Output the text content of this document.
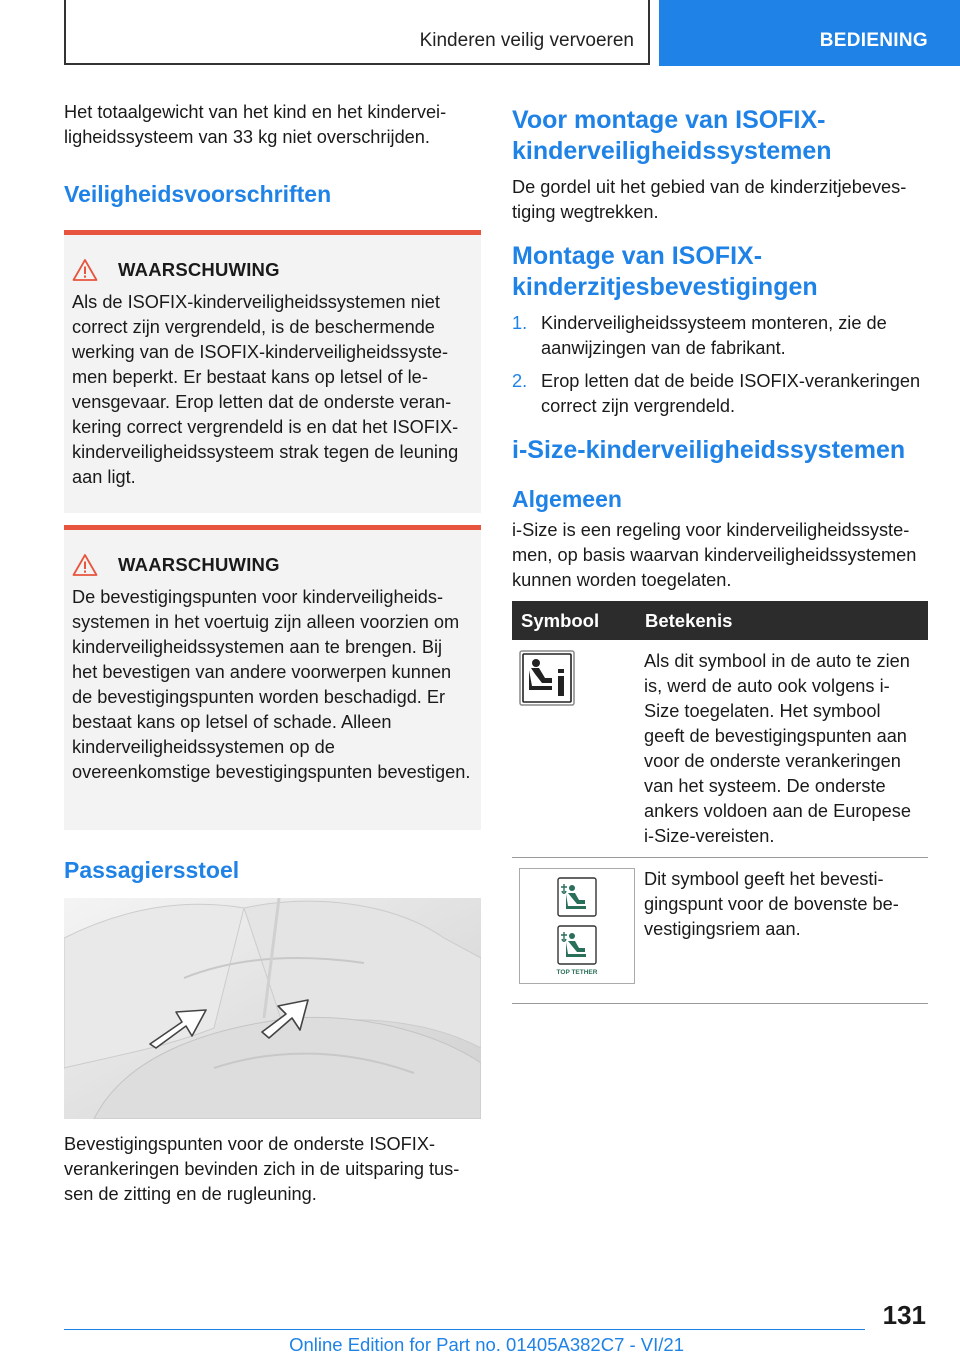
Kinderen veilig vervoeren	BEDIENING

Het totaalgewicht van het kind en het kinderveiligheidssysteem van 33 kg niet overschrijden.

Veiligheidsvoorschriften
WAARSCHUWING

Als de ISOFIX-kinderveiligheidssystemen niet correct zijn vergrendeld, is de beschermende werking van de ISOFIX-kinderveiligheidssystemen beperkt. Er bestaat kans op letsel of levensgevaar. Erop letten dat de onderste verankering correct vergrendeld is en dat het ISOFIX-kinderveiligheidssysteem strak tegen de leuning aan ligt.

WAARSCHUWING

De bevestigingspunten voor kinderveiligheidssystemen in het voertuig zijn alleen voorzien om kinderveiligheidssystemen aan te brengen. Bij het bevestigen van andere voorwerpen kunnen de bevestigingspunten worden beschadigd. Er bestaat kans op letsel of schade. Alleen kinderveiligheidssystemen op de overeenkomstige bevestigingspunten bevestigen.

Passagiersstoel

Bevestigingspunten voor de onderste ISOFIX-verankeringen bevinden zich in de uitsparing tussen de zitting en de rugleuning.

Voor montage van ISOFIX-kinderveiligheidssystemen

De gordel uit het gebied van de kinderzitjebevestiging wegtrekken.

Montage van ISOFIX-kinderzitjesbevestigingen
1. Kinderveiligheidssysteem monteren, zie de aanwijzingen van de fabrikant.
2. Erop letten dat de beide ISOFIX-verankeringen correct zijn vergrendeld.
i-Size-kinderveiligheidssystemen
Algemeen

i-Size is een regeling voor kinderveiligheidssystemen, op basis waarvan kinderveiligheidssystemen kunnen worden toegelaten.

Symbool	Betekenis
	Als dit symbool in de auto te zien is, werd de auto ook volgens i-Size toegelaten. Het symbool geeft de bevestigingspunten aan voor de onderste verankeringen van het systeem. De onderste ankers voldoen aan de Europese i-Size-vereisten.

TOP TETHER	Dit symbool geeft het bevestigingspunt voor de bovenste bevestigingsriem aan.
131
Online Edition for Part no. 01405A382C7 - VI/21
